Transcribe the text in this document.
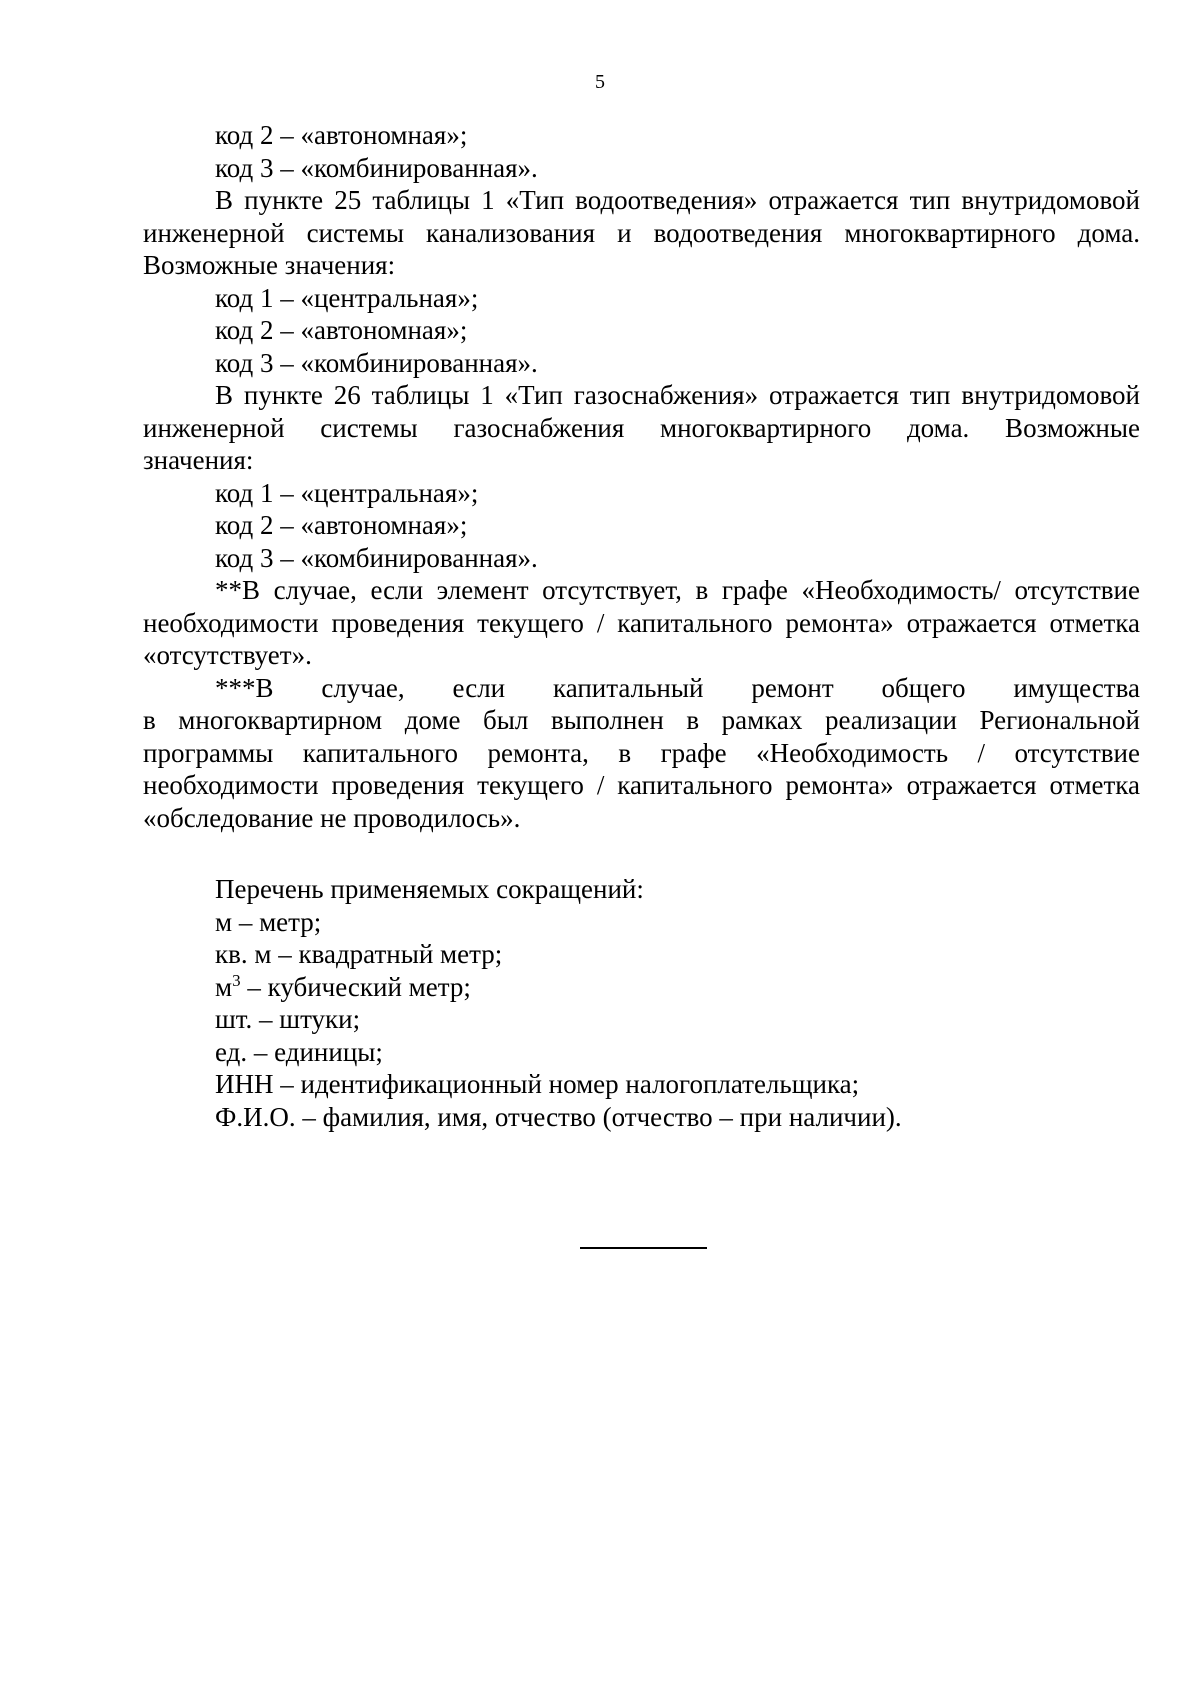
5
код 2 – «автономная»;
код 3 – «комбинированная».
В пункте 25 таблицы 1 «Тип водоотведения» отражается тип внутридомовой
инженерной системы канализования и водоотведения многоквартирного дома.
Возможные значения:
код 1 – «центральная»;
код 2 – «автономная»;
код 3 – «комбинированная».
В пункте 26 таблицы 1 «Тип газоснабжения» отражается тип внутридомовой
инженерной системы газоснабжения многоквартирного дома. Возможные
значения:
код 1 – «центральная»;
код 2 – «автономная»;
код 3 – «комбинированная».
**В случае, если элемент отсутствует, в графе «Необходимость/ отсутствие
необходимости проведения текущего / капитального ремонта» отражается отметка
«отсутствует».
***В случае, если капитальный ремонт общего имущества
в многоквартирном доме был выполнен в рамках реализации Региональной
программы капитального ремонта, в графе «Необходимость / отсутствие
необходимости проведения текущего / капитального ремонта» отражается отметка
«обследование не проводилось».
Перечень применяемых сокращений:
м – метр;
кв. м – квадратный метр;
$м^3$ – кубический метр;
шт. – штуки;
ед. – единицы;
ИНН – идентификационный номер налогоплательщика;
Ф.И.О. – фамилия, имя, отчество (отчество – при наличии).
